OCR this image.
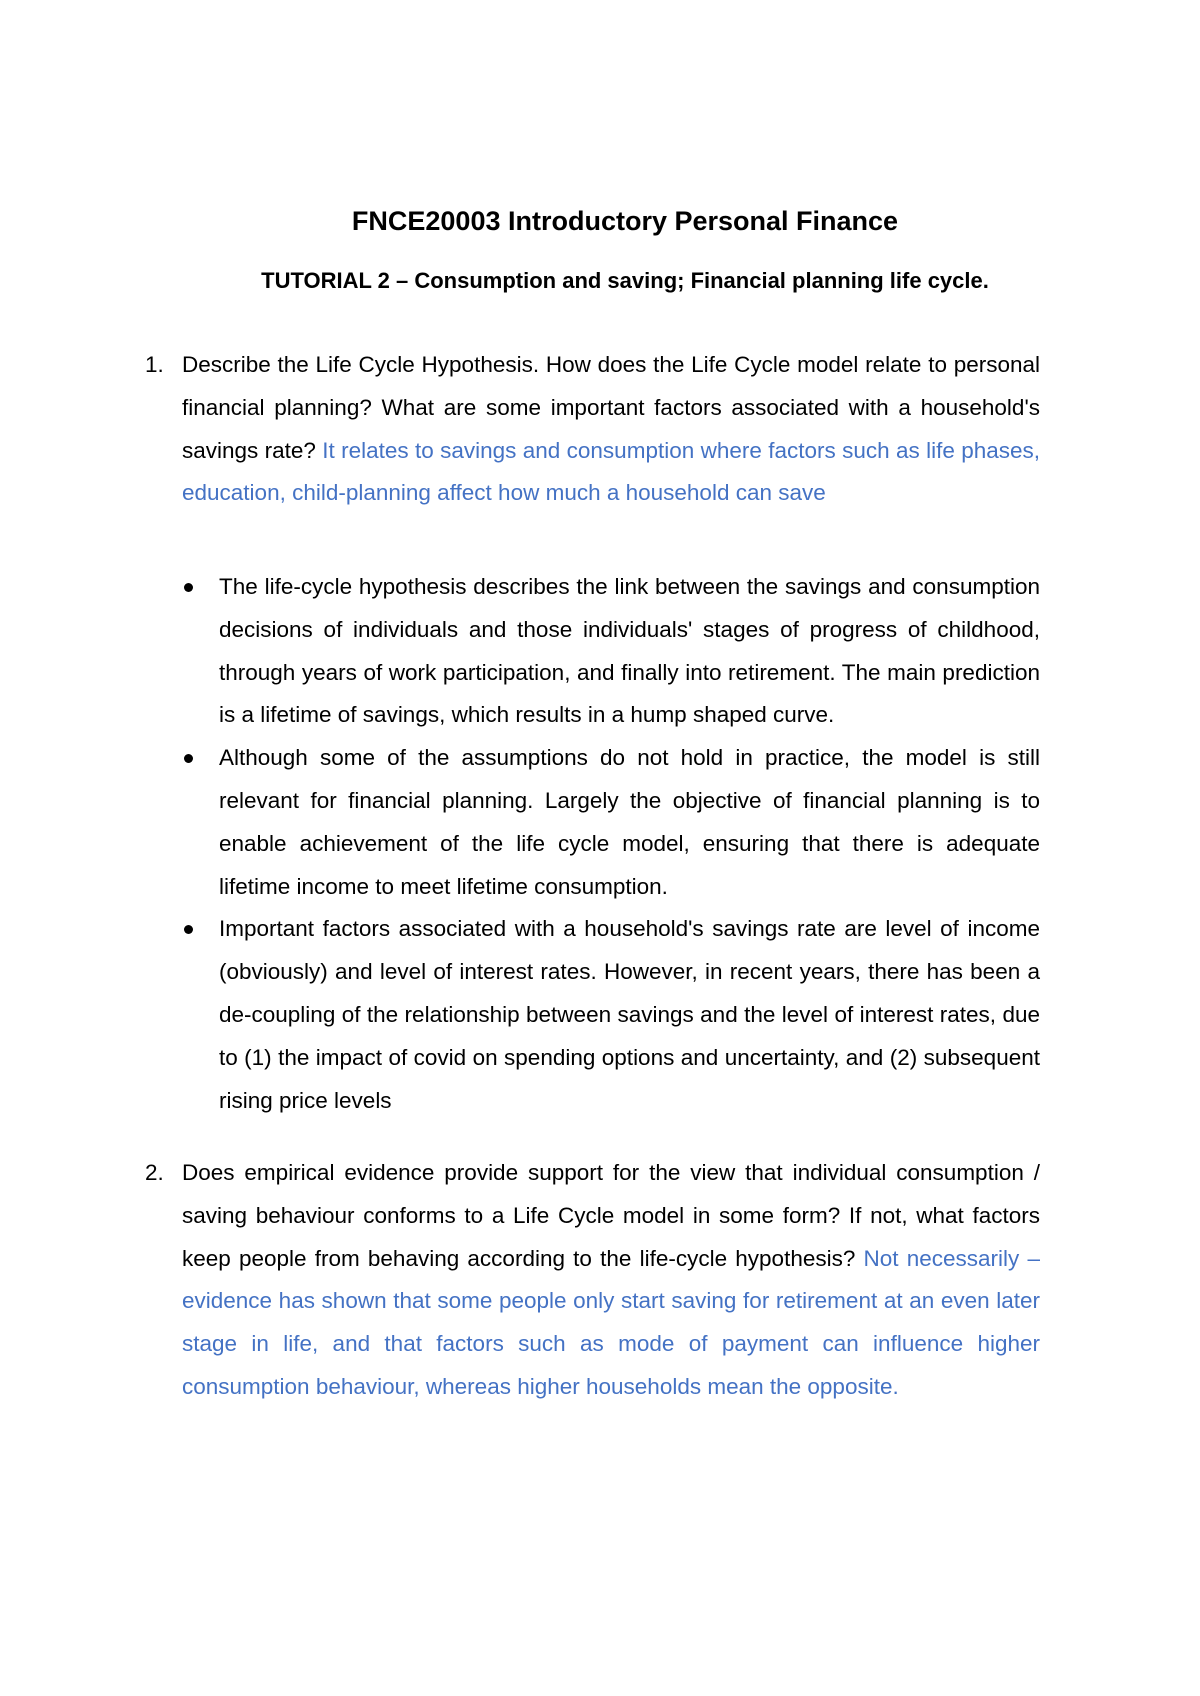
FNCE20003 Introductory Personal Finance
TUTORIAL 2 – Consumption and saving; Financial planning life cycle.
1. Describe the Life Cycle Hypothesis. How does the Life Cycle model relate to personal financial planning? What are some important factors associated with a household's savings rate? It relates to savings and consumption where factors such as life phases, education, child-planning affect how much a household can save
The life-cycle hypothesis describes the link between the savings and consumption decisions of individuals and those individuals' stages of progress of childhood, through years of work participation, and finally into retirement. The main prediction is a lifetime of savings, which results in a hump shaped curve.
Although some of the assumptions do not hold in practice, the model is still relevant for financial planning. Largely the objective of financial planning is to enable achievement of the life cycle model, ensuring that there is adequate lifetime income to meet lifetime consumption.
Important factors associated with a household's savings rate are level of income (obviously) and level of interest rates. However, in recent years, there has been a de-coupling of the relationship between savings and the level of interest rates, due to (1) the impact of covid on spending options and uncertainty, and (2) subsequent rising price levels
2. Does empirical evidence provide support for the view that individual consumption / saving behaviour conforms to a Life Cycle model in some form? If not, what factors keep people from behaving according to the life-cycle hypothesis? Not necessarily – evidence has shown that some people only start saving for retirement at an even later stage in life, and that factors such as mode of payment can influence higher consumption behaviour, whereas higher households mean the opposite.
